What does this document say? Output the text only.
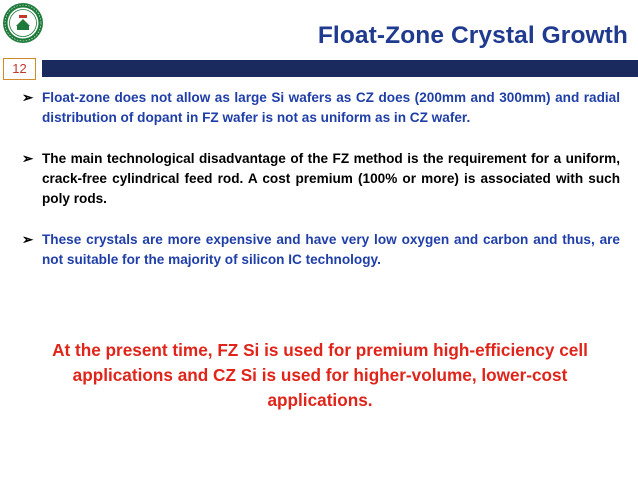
Float-Zone Crystal Growth
12
➢ Float-zone does not allow as large Si wafers as CZ does (200mm and 300mm) and radial distribution of dopant in FZ wafer is not as uniform as in CZ wafer.
➢ The main technological disadvantage of the FZ method is the requirement for a uniform, crack-free cylindrical feed rod. A cost premium (100% or more) is associated with such poly rods.
➢ These crystals are more expensive and have very low oxygen and carbon and thus, are not suitable for the majority of silicon IC technology.
At the present time, FZ Si is used for premium high-efficiency cell applications and CZ Si is used for higher-volume, lower-cost applications.
